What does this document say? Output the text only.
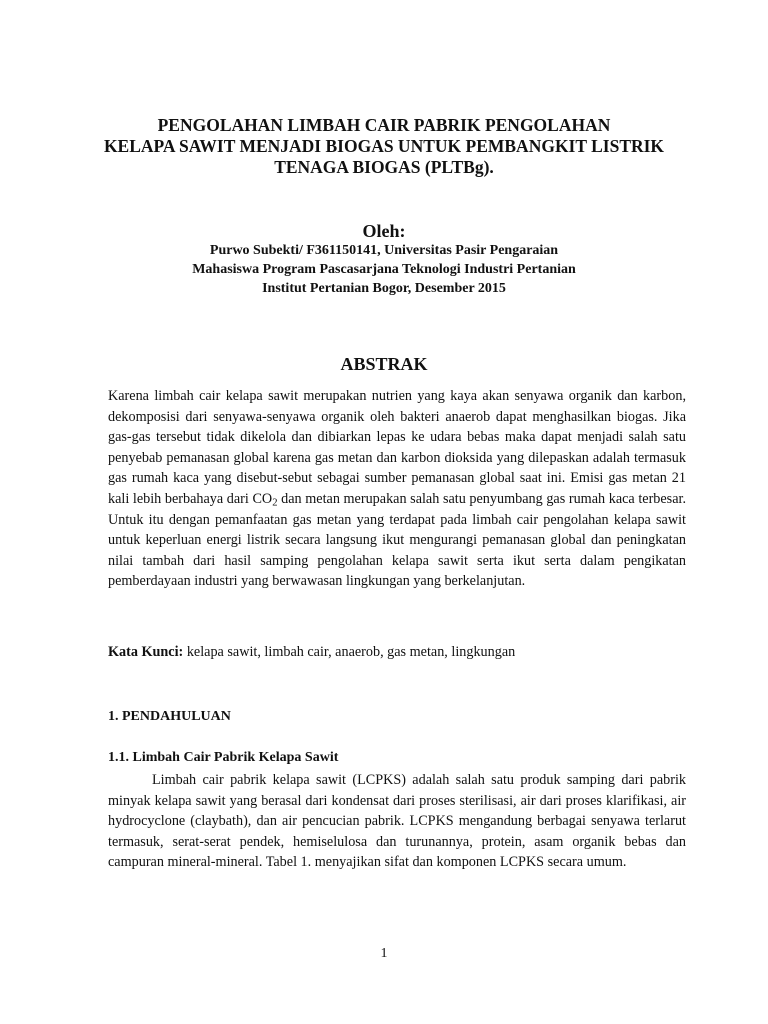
PENGOLAHAN LIMBAH CAIR PABRIK PENGOLAHAN
KELAPA SAWIT MENJADI BIOGAS UNTUK PEMBANGKIT LISTRIK
TENAGA BIOGAS (PLTBg).
Oleh:
Purwo Subekti/ F361150141, Universitas Pasir Pengaraian
Mahasiswa Program Pascasarjana Teknologi Industri Pertanian
Institut Pertanian Bogor, Desember 2015
ABSTRAK
Karena limbah cair kelapa sawit merupakan nutrien yang kaya akan senyawa organik dan karbon, dekomposisi dari senyawa-senyawa organik oleh bakteri anaerob dapat menghasilkan biogas. Jika gas-gas tersebut tidak dikelola dan dibiarkan lepas ke udara bebas maka dapat menjadi salah satu penyebab pemanasan global karena gas metan dan karbon dioksida yang dilepaskan adalah termasuk gas rumah kaca yang disebut-sebut sebagai sumber pemanasan global saat ini. Emisi gas metan 21 kali lebih berbahaya dari $CO_2$ dan metan merupakan salah satu penyumbang gas rumah kaca terbesar. Untuk itu dengan pemanfaatan gas metan yang terdapat pada limbah cair pengolahan kelapa sawit untuk keperluan energi listrik secara langsung ikut mengurangi pemanasan global dan peningkatan nilai tambah dari hasil samping pengolahan kelapa sawit serta ikut serta dalam pengikatan pemberdayaan industri yang berwawasan lingkungan yang berkelanjutan.
Kata Kunci: kelapa sawit, limbah cair, anaerob, gas metan, lingkungan
1. PENDAHULUAN
1.1. Limbah Cair Pabrik Kelapa Sawit
Limbah cair pabrik kelapa sawit (LCPKS) adalah salah satu produk samping dari pabrik minyak kelapa sawit yang berasal dari kondensat dari proses sterilisasi, air dari proses klarifikasi, air hydrocyclone (claybath), dan air pencucian pabrik. LCPKS mengandung berbagai senyawa terlarut termasuk, serat-serat pendek, hemiselulosa dan turunannya, protein, asam organik bebas dan campuran mineral-mineral. Tabel 1. menyajikan sifat dan komponen LCPKS secara umum.
1
